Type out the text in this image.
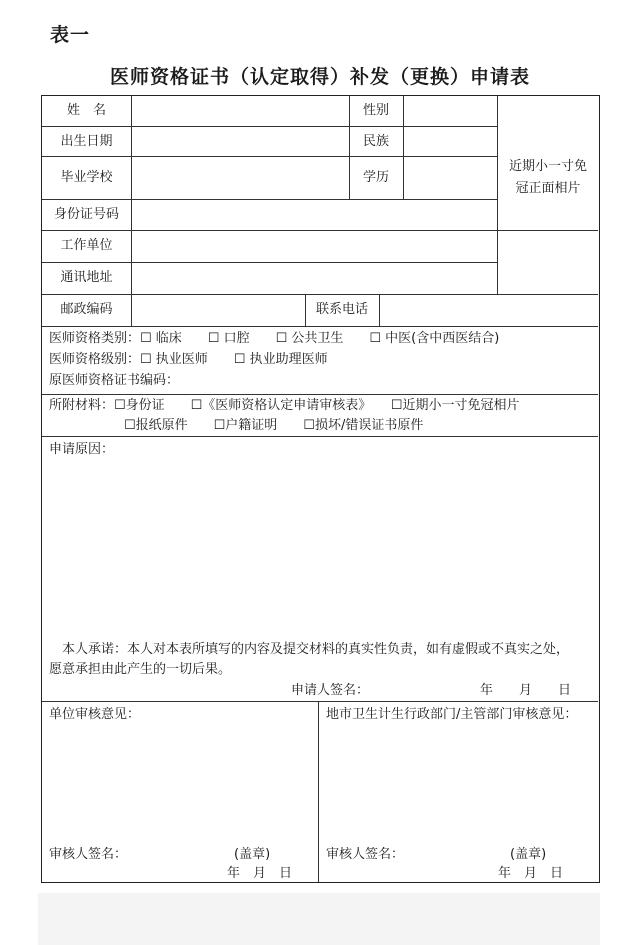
表一
医师资格证书（认定取得）补发（更换）申请表
姓　名	性别
出生日期	民族
毕业学校	学历
近期小一寸免
冠正面相片
身份证号码
工作单位
通讯地址
邮政编码	联系电话
医师资格类别：☐ 临床　　☐ 口腔　　☐ 公共卫生　　☐ 中医(含中西医结合)
医师资格级别：☐ 执业医师　　☐ 执业助理医师
原医师资格证书编码：
所附材料：☐身份证　　☐《医师资格认定申请审核表》　　☐近期小一寸免冠相片
☐报纸原件　　☐户籍证明　　☐损坏/错误证书原件
申请原因：
本人承诺：本人对本表所填写的内容及提交材料的真实性负责，如有虚假或不真实之处，
愿意承担由此产生的一切后果。
申请人签名：	年　　月　　日
单位审核意见：	地市卫生计生行政部门/主管部门审核意见：
审核人签名：	(盖章)
年　月　日
审核人签名：	(盖章)
年　月　日
